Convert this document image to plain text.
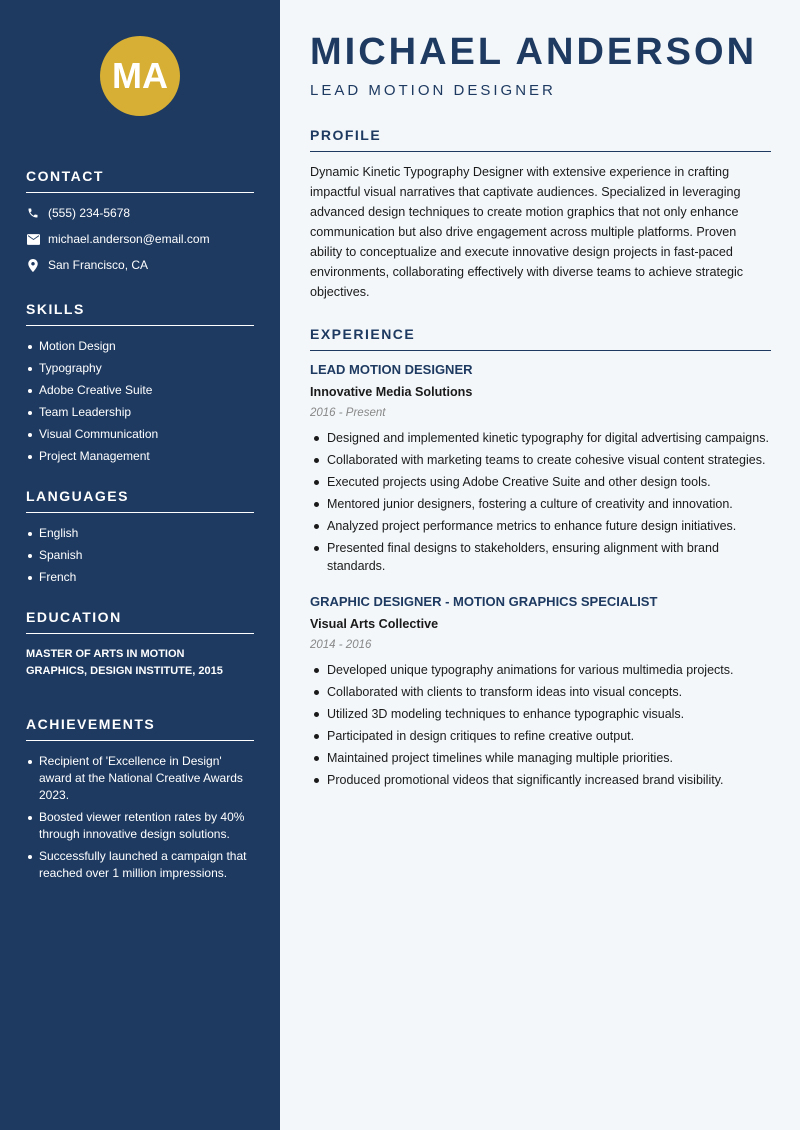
MA
CONTACT
(555) 234-5678
michael.anderson@email.com
San Francisco, CA
SKILLS
Motion Design
Typography
Adobe Creative Suite
Team Leadership
Visual Communication
Project Management
LANGUAGES
English
Spanish
French
EDUCATION
MASTER OF ARTS IN MOTION
GRAPHICS, DESIGN INSTITUTE, 2015
ACHIEVEMENTS
Recipient of 'Excellence in Design' award at the National Creative Awards 2023.
Boosted viewer retention rates by 40% through innovative design solutions.
Successfully launched a campaign that reached over 1 million impressions.
MICHAEL ANDERSON
LEAD MOTION DESIGNER
PROFILE

Dynamic Kinetic Typography Designer with extensive experience in crafting impactful visual narratives that captivate audiences. Specialized in leveraging advanced design techniques to create motion graphics that not only enhance communication but also drive engagement across multiple platforms. Proven ability to conceptualize and execute innovative design projects in fast-paced environments, collaborating effectively with diverse teams to achieve strategic objectives.

EXPERIENCE
LEAD MOTION DESIGNER
Innovative Media Solutions
2016 - Present
Designed and implemented kinetic typography for digital advertising campaigns.
Collaborated with marketing teams to create cohesive visual content strategies.
Executed projects using Adobe Creative Suite and other design tools.
Mentored junior designers, fostering a culture of creativity and innovation.
Analyzed project performance metrics to enhance future design initiatives.
Presented final designs to stakeholders, ensuring alignment with brand standards.
GRAPHIC DESIGNER - MOTION GRAPHICS SPECIALIST
Visual Arts Collective
2014 - 2016
Developed unique typography animations for various multimedia projects.
Collaborated with clients to transform ideas into visual concepts.
Utilized 3D modeling techniques to enhance typographic visuals.
Participated in design critiques to refine creative output.
Maintained project timelines while managing multiple priorities.
Produced promotional videos that significantly increased brand visibility.
